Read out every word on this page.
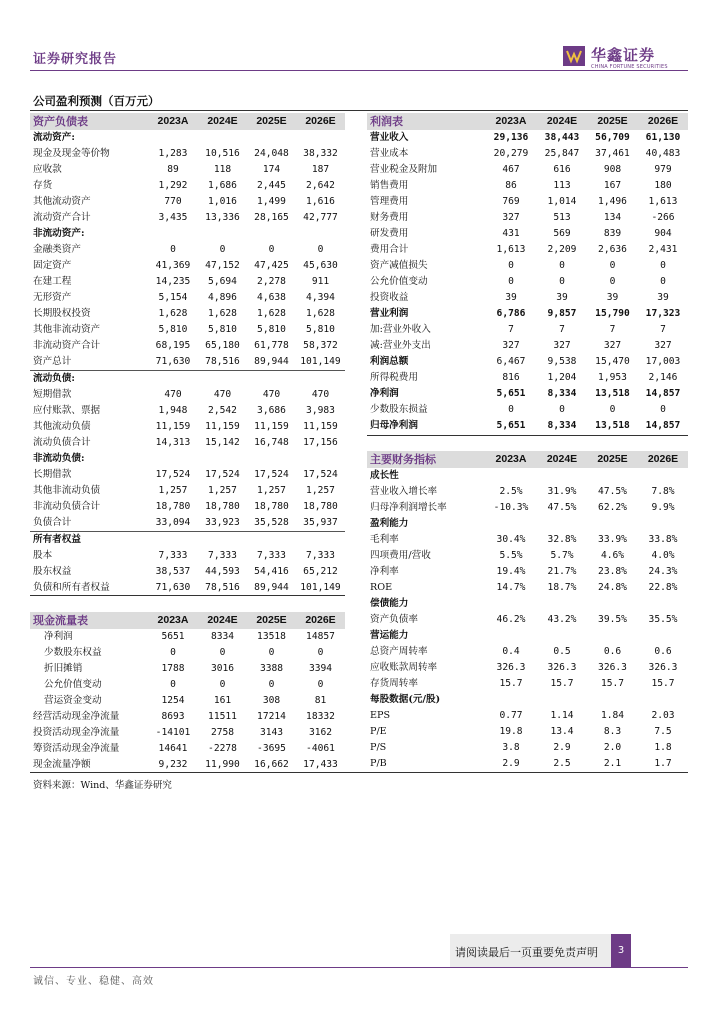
证券研究报告	华鑫证券
CHINA FORTUNE SECURITIES
公司盈利预测（百万元）
资产负债表	2023A	2024E	2025E	2026E
流动资产:				
现金及现金等价物	1,283	10,516	24,048	38,332
应收款	89	118	174	187
存货	1,292	1,686	2,445	2,642
其他流动资产	770	1,016	1,499	1,616
流动资产合计	3,435	13,336	28,165	42,777
非流动资产:				
金融类资产	0	0	0	0
固定资产	41,369	47,152	47,425	45,630
在建工程	14,235	5,694	2,278	911
无形资产	5,154	4,896	4,638	4,394
长期股权投资	1,628	1,628	1,628	1,628
其他非流动资产	5,810	5,810	5,810	5,810
非流动资产合计	68,195	65,180	61,778	58,372
资产总计	71,630	78,516	89,944	101,149
流动负债:				
短期借款	470	470	470	470
应付账款、票据	1,948	2,542	3,686	3,983
其他流动负债	11,159	11,159	11,159	11,159
流动负债合计	14,313	15,142	16,748	17,156
非流动负债:				
长期借款	17,524	17,524	17,524	17,524
其他非流动负债	1,257	1,257	1,257	1,257
非流动负债合计	18,780	18,780	18,780	18,780
负债合计	33,094	33,923	35,528	35,937
所有者权益				
股本	7,333	7,333	7,333	7,333
股东权益	38,537	44,593	54,416	65,212
负债和所有者权益	71,630	78,516	89,944	101,149
利润表	2023A	2024E	2025E	2026E
营业收入	29,136	38,443	56,709	61,130
营业成本	20,279	25,847	37,461	40,483
营业税金及附加	467	616	908	979
销售费用	86	113	167	180
管理费用	769	1,014	1,496	1,613
财务费用	327	513	134	-266
研发费用	431	569	839	904
费用合计	1,613	2,209	2,636	2,431
资产减值损失	0	0	0	0
公允价值变动	0	0	0	0
投资收益	39	39	39	39
营业利润	6,786	9,857	15,790	17,323
加:营业外收入	7	7	7	7
减:营业外支出	327	327	327	327
利润总额	6,467	9,538	15,470	17,003
所得税费用	816	1,204	1,953	2,146
净利润	5,651	8,334	13,518	14,857
少数股东损益	0	0	0	0
归母净利润	5,651	8,334	13,518	14,857
主要财务指标	2023A	2024E	2025E	2026E
成长性				
营业收入增长率	2.5%	31.9%	47.5%	7.8%
归母净利润增长率	-10.3%	47.5%	62.2%	9.9%
盈利能力				
毛利率	30.4%	32.8%	33.9%	33.8%
四项费用/营收	5.5%	5.7%	4.6%	4.0%
净利率	19.4%	21.7%	23.8%	24.3%
ROE	14.7%	18.7%	24.8%	22.8%
偿债能力				
资产负债率	46.2%	43.2%	39.5%	35.5%
营运能力				
总资产周转率	0.4	0.5	0.6	0.6
应收账款周转率	326.3	326.3	326.3	326.3
存货周转率	15.7	15.7	15.7	15.7
每股数据(元/股)				
EPS	0.77	1.14	1.84	2.03
P/E	19.8	13.4	8.3	7.5
P/S	3.8	2.9	2.0	1.8
P/B	2.9	2.5	2.1	1.7
现金流量表	2023A	2024E	2025E	2026E
净利润	5651	8334	13518	14857
少数股东权益	0	0	0	0
折旧摊销	1788	3016	3388	3394
公允价值变动	0	0	0	0
营运资金变动	1254	161	308	81
经营活动现金净流量	8693	11511	17214	18332
投资活动现金净流量	-14101	2758	3143	3162
筹资活动现金净流量	14641	-2278	-3695	-4061
现金流量净额	9,232	11,990	16,662	17,433
资料来源：Wind、华鑫证券研究
请阅读最后一页重要免责声明	3
诚信、专业、稳健、高效
